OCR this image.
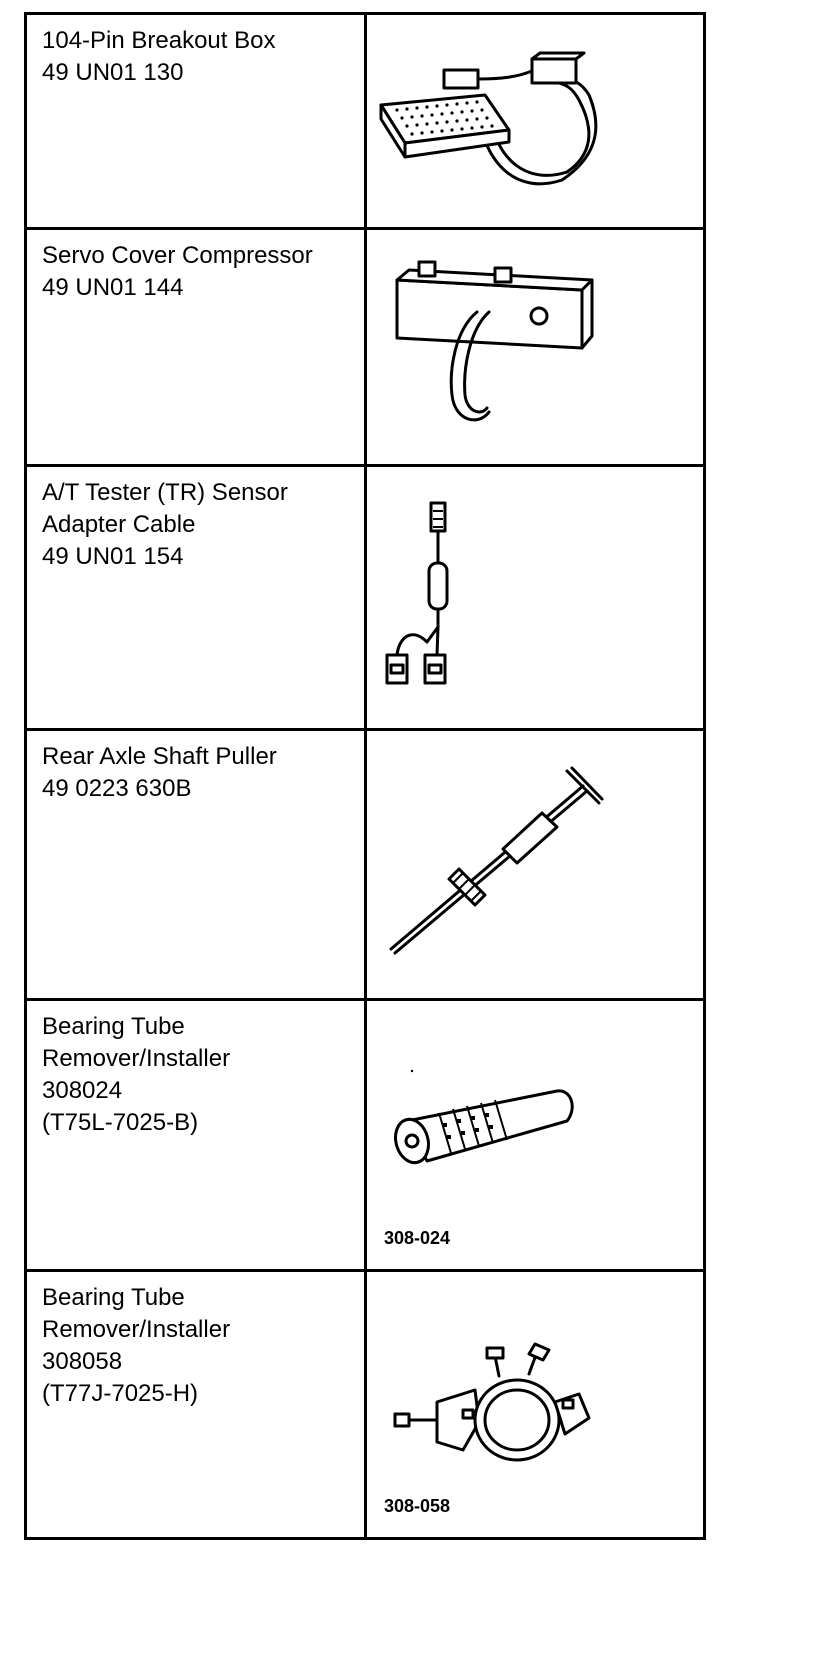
104-Pin Breakout Box
49 UN01 130

Servo Cover Compressor
49 UN01 144

A/T Tester (TR) Sensor
Adapter Cable
49 UN01 154

Rear Axle Shaft Puller
49 0223 630B

Bearing Tube
Remover/Installer
308024
(T75L-7025-B)	308-024

Bearing Tube
Remover/Installer
308058
(T77J-7025-H)	308-058
